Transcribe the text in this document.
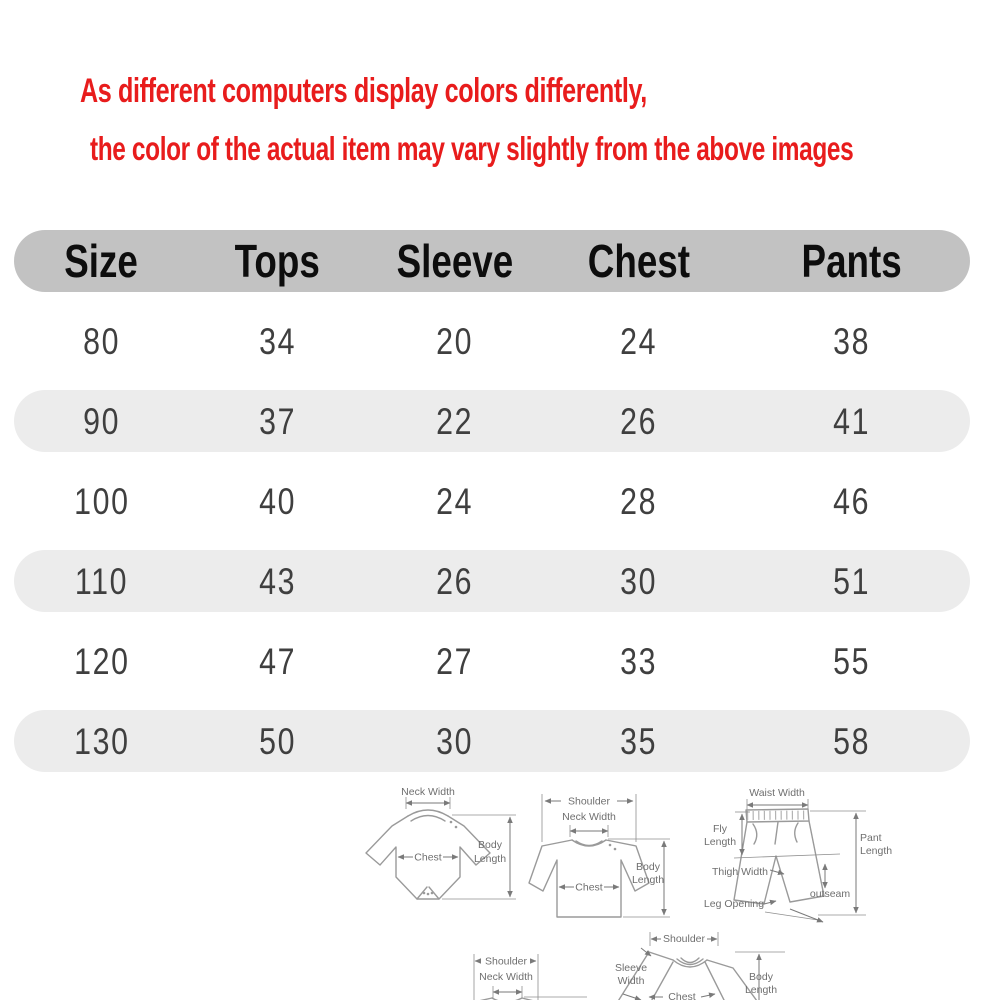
As different computers display colors differently,
the color of the actual item may vary slightly from the above images
Size	Tops	Sleeve	Chest	Pants
80	34	20	24	38
90	37	22	26	41
100	40	24	28	46
110	43	26	30	51
120	47	27	33	55
130	50	30	35	58
Neck Width
Chest
Body
Length
Shoulder
Neck Width
Chest
Body
Length
Waist Width
Fly
Length	Pant
Length
Thigh Width
outseam
Leg Opening
Shoulder
Neck Width
Shoulder
Sleeve
Width	Body
Length
Chest
